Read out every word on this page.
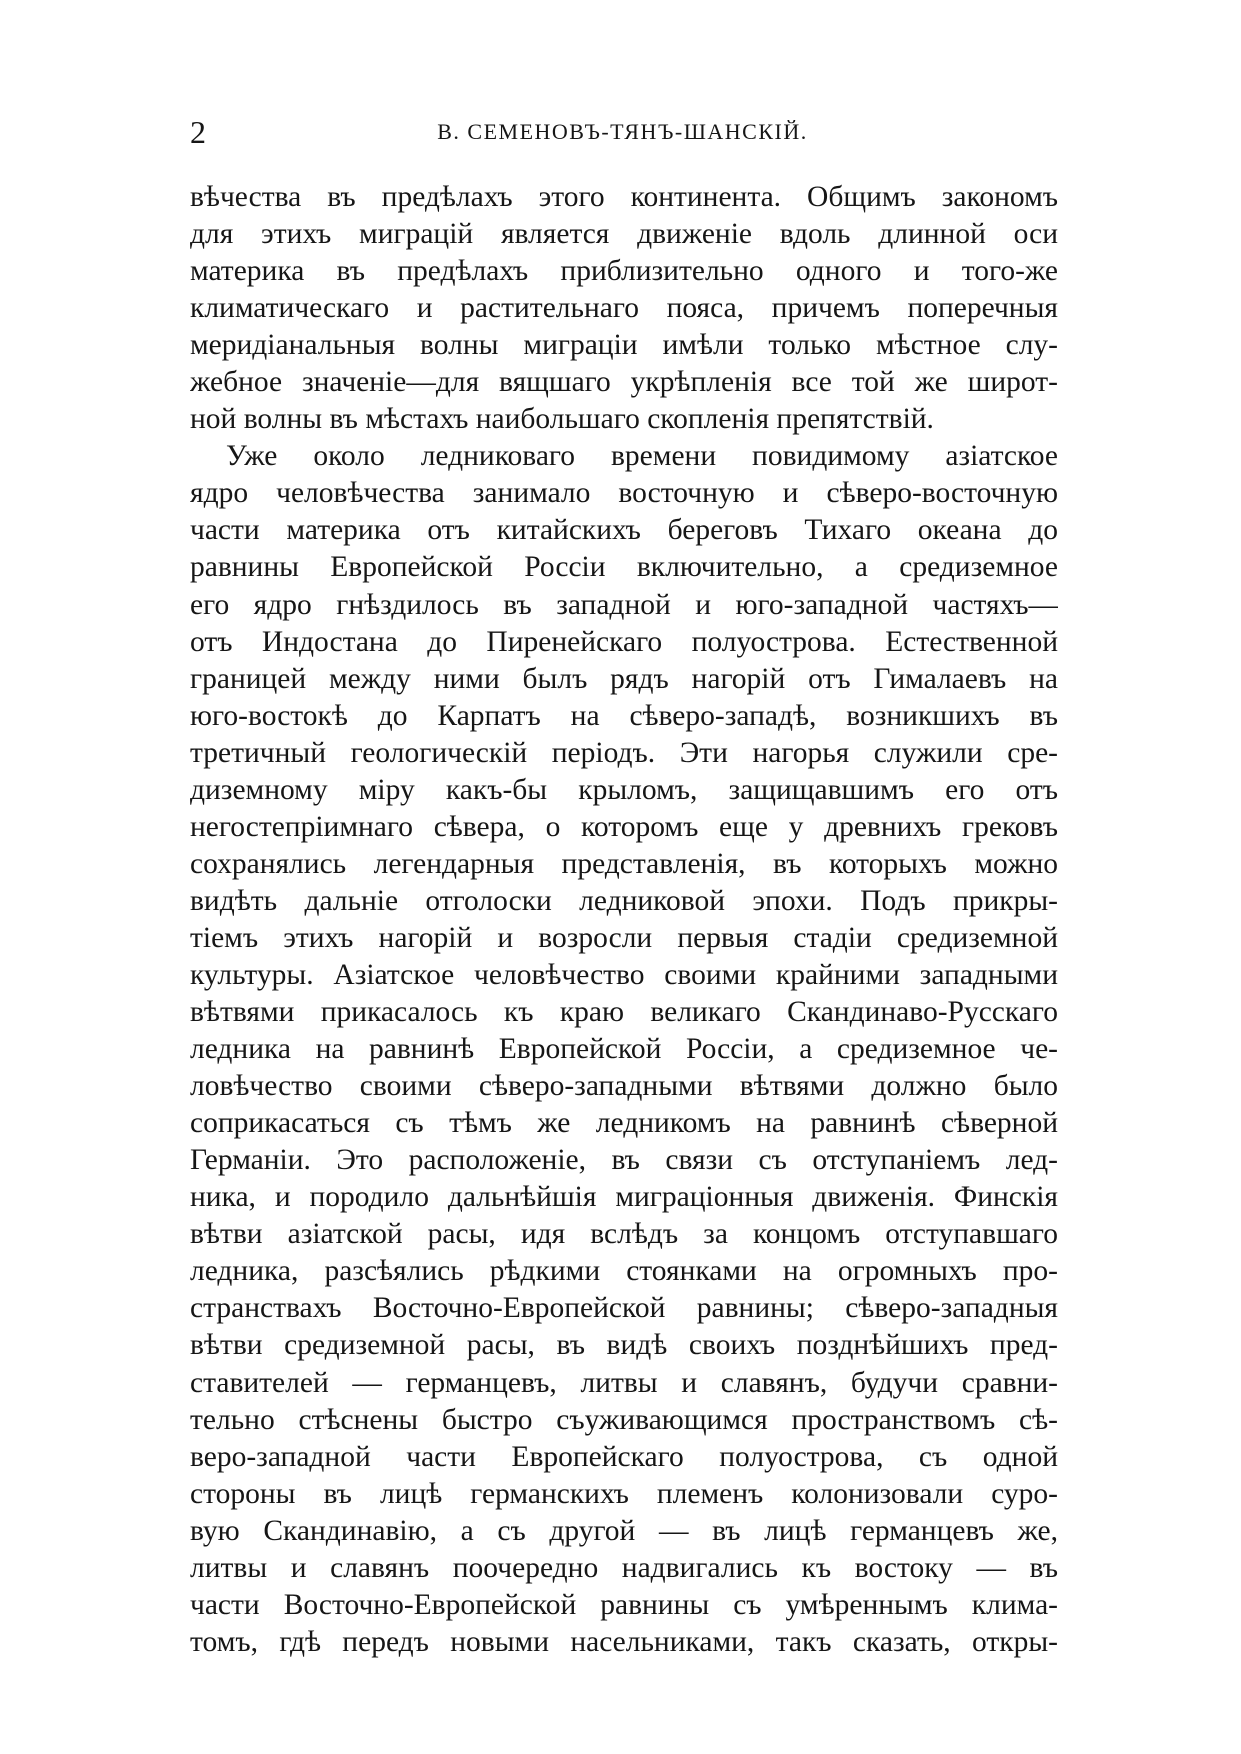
2	В. СЕМЕНОВЪ-ТЯНЪ-ШАНСКІЙ.
вѣчества въ предѣлахъ этого континента. Общимъ закономъ
для этихъ миграцій является движеніе вдоль длинной оси
материка въ предѣлахъ приблизительно одного и того-же
климатическаго и растительнаго пояса, причемъ поперечныя
меридіанальныя волны миграціи имѣли только мѣстное слу-
жебное значеніе—для вящшаго укрѣпленія все той же широт-
ной волны въ мѣстахъ наибольшаго скопленія препятствій.
Уже около ледниковаго времени повидимому азіатское
ядро человѣчества занимало восточную и сѣверо-восточную
части материка отъ китайскихъ береговъ Тихаго океана до
равнины Европейской Россіи включительно, а средиземное
его ядро гнѣздилось въ западной и юго-западной частяхъ—
отъ Индостана до Пиренейскаго полуострова. Естественной
границей между ними былъ рядъ нагорій отъ Гималаевъ на
юго-востокѣ до Карпатъ на сѣверо-западѣ, возникшихъ въ
третичный геологическій періодъ. Эти нагорья служили сре-
диземному міру какъ-бы крыломъ, защищавшимъ его отъ
негостепріимнаго сѣвера, о которомъ еще у древнихъ грековъ
сохранялись легендарныя представленія, въ которыхъ можно
видѣть дальніе отголоски ледниковой эпохи. Подъ прикры-
тіемъ этихъ нагорій и возросли первыя стадіи средиземной
культуры. Азіатское человѣчество своими крайними западными
вѣтвями прикасалось къ краю великаго Скандинаво-Русскаго
ледника на равнинѣ Европейской Россіи, а средиземное че-
ловѣчество своими сѣверо-западными вѣтвями должно было
соприкасаться съ тѣмъ же ледникомъ на равнинѣ сѣверной
Германіи. Это расположеніе, въ связи съ отступаніемъ лед-
ника, и породило дальнѣйшія миграціонныя движенія. Финскія
вѣтви азіатской расы, идя вслѣдъ за концомъ отступавшаго
ледника, разсѣялись рѣдкими стоянками на огромныхъ про-
странствахъ Восточно-Европейской равнины; сѣверо-западныя
вѣтви средиземной расы, въ видѣ своихъ позднѣйшихъ пред-
ставителей — германцевъ, литвы и славянъ, будучи сравни-
тельно стѣснены быстро съуживающимся пространствомъ сѣ-
веро-западной части Европейскаго полуострова, съ одной
стороны въ лицѣ германскихъ племенъ колонизовали суро-
вую Скандинавію, а съ другой — въ лицѣ германцевъ же,
литвы и славянъ поочередно надвигались къ востоку — въ
части Восточно-Европейской равнины съ умѣреннымъ клима-
томъ, гдѣ передъ новыми насельниками, такъ сказать, откры-
